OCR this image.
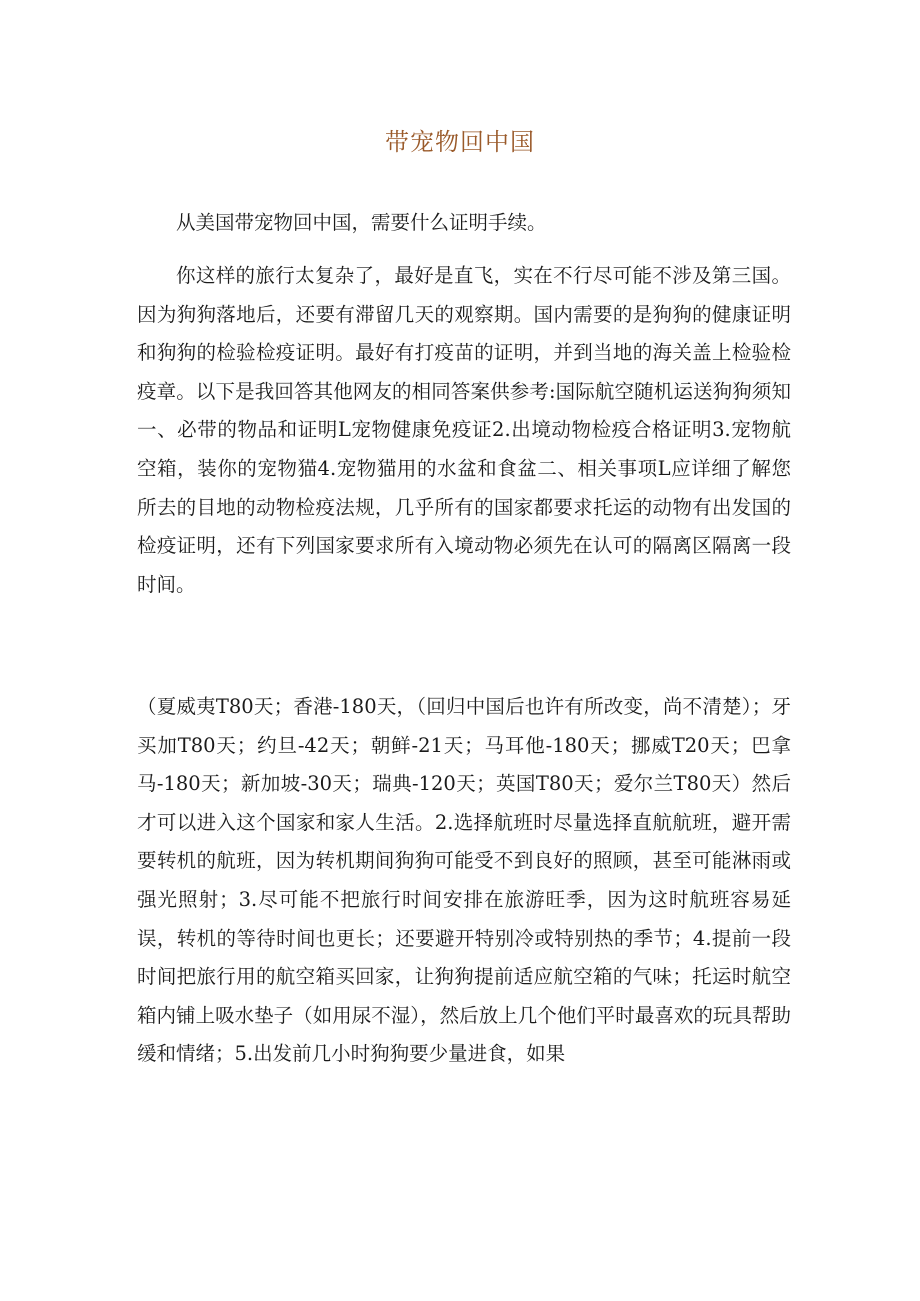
带宠物回中国

从美国带宠物回中国，需要什么证明手续。

你这样的旅行太复杂了，最好是直飞，实在不行尽可能不涉及第三国。因为狗狗落地后，还要有滞留几天的观察期。国内需要的是狗狗的健康证明和狗狗的检验检疫证明。最好有打疫苗的证明，并到当地的海关盖上检验检疫章。以下是我回答其他网友的相同答案供参考:国际航空随机运送狗狗须知一、必带的物品和证明L宠物健康免疫证2.出境动物检疫合格证明3.宠物航空箱，装你的宠物猫4.宠物猫用的水盆和食盆二、相关事项L应详细了解您所去的目地的动物检疫法规，几乎所有的国家都要求托运的动物有出发国的检疫证明，还有下列国家要求所有入境动物必须先在认可的隔离区隔离一段时间。

（夏威夷T80天；香港-180天，（回归中国后也许有所改变，尚不清楚）；牙买加T80天；约旦-42天；朝鲜-21天；马耳他-180天；挪威T20天；巴拿马-180天；新加坡-30天；瑞典-120天；英国T80天；爱尔兰T80天）然后才可以进入这个国家和家人生活。2.选择航班时尽量选择直航航班，避开需要转机的航班，因为转机期间狗狗可能受不到良好的照顾，甚至可能淋雨或强光照射；3.尽可能不把旅行时间安排在旅游旺季，因为这时航班容易延误，转机的等待时间也更长；还要避开特别冷或特别热的季节；4.提前一段时间把旅行用的航空箱买回家，让狗狗提前适应航空箱的气味；托运时航空箱内铺上吸水垫子（如用尿不湿），然后放上几个他们平时最喜欢的玩具帮助缓和情绪；5.出发前几小时狗狗要少量进食，如果
